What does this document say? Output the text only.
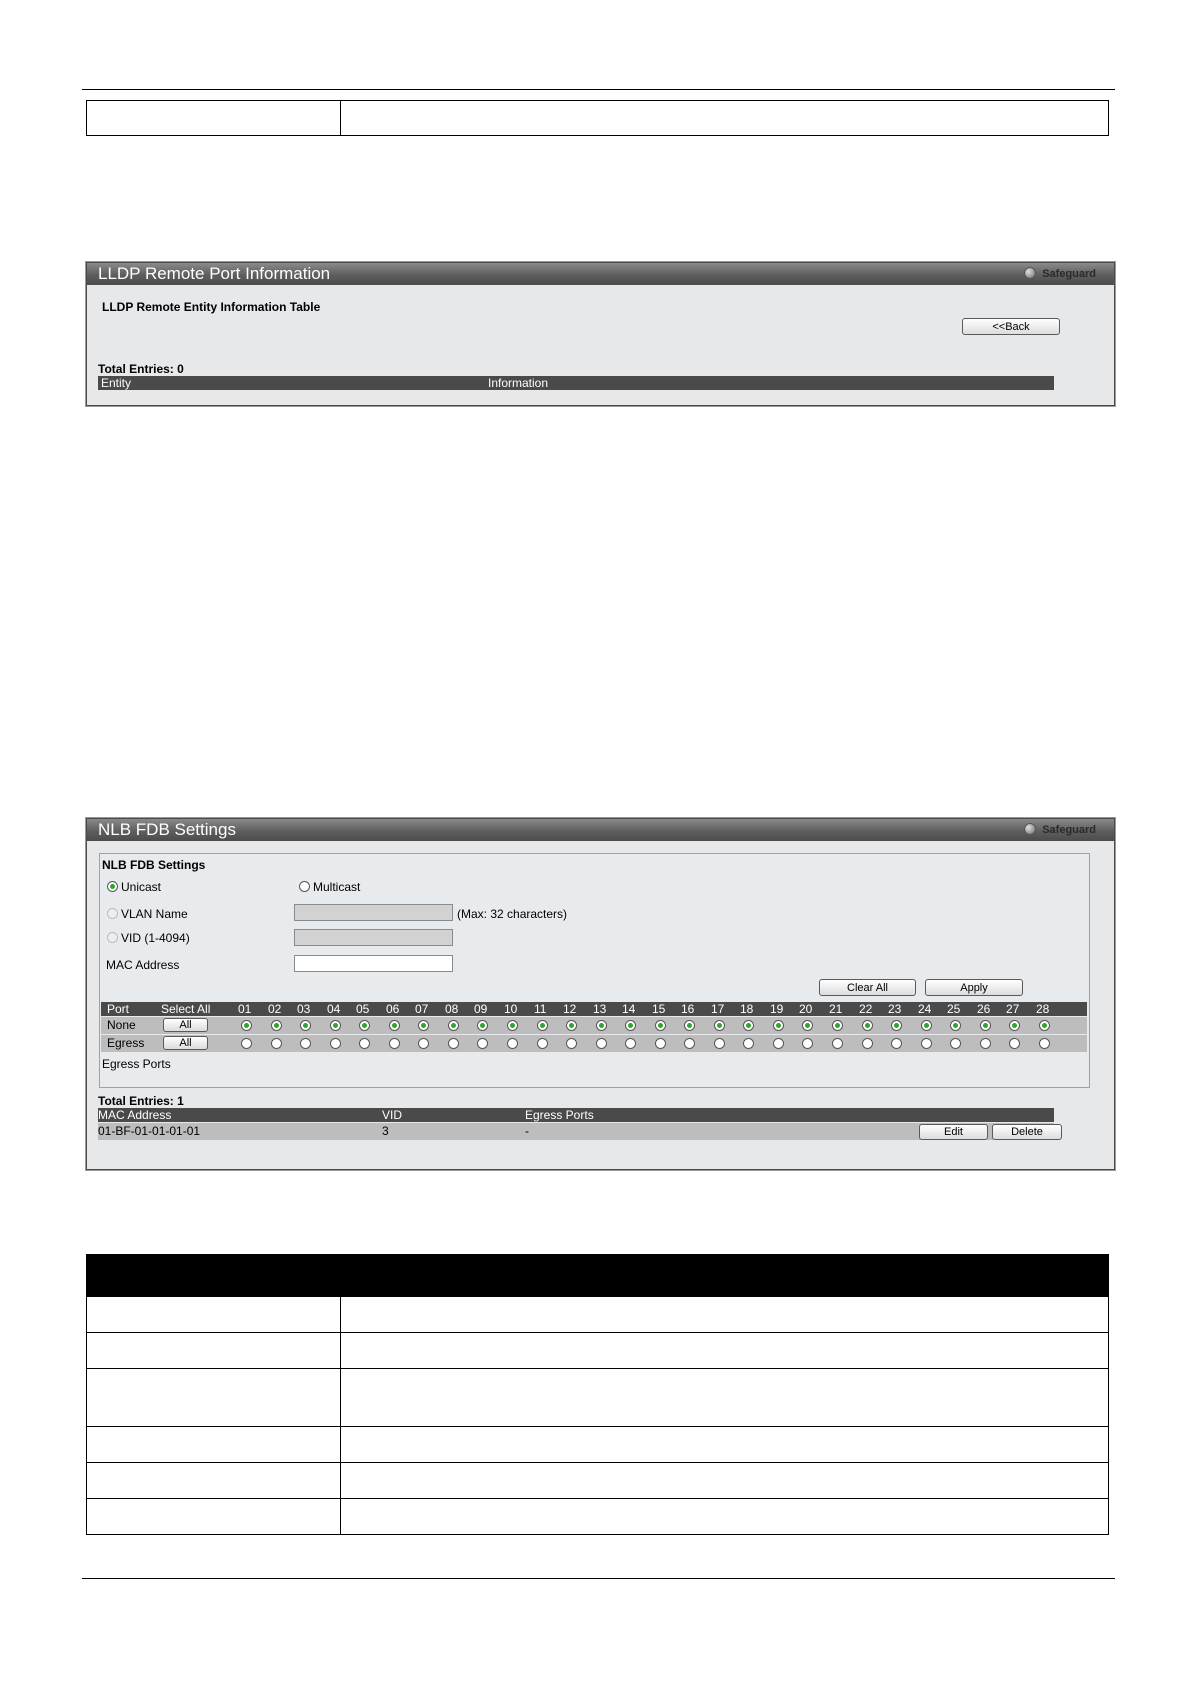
LLDP Remote Port Information	Safeguard
LLDP Remote Entity Information Table
<<Back
Total Entries: 0
Entity	Information
NLB FDB Settings	Safeguard
NLB FDB Settings
Unicast	Multicast
VLAN Name	(Max: 32 characters)
VID (1-4094)
MAC Address
Clear All	Apply
Port	Select All 01 02 03 04 05 06 07 08 09 10 11 12 13 14 15 16 17 18 19 20 21 22 23 24 25 26 27 28
None	All
Egress	All
Egress Ports
Total Entries: 1
MAC Address	VID	Egress Ports
01-BF-01-01-01-01	3	-	Edit	Delete
